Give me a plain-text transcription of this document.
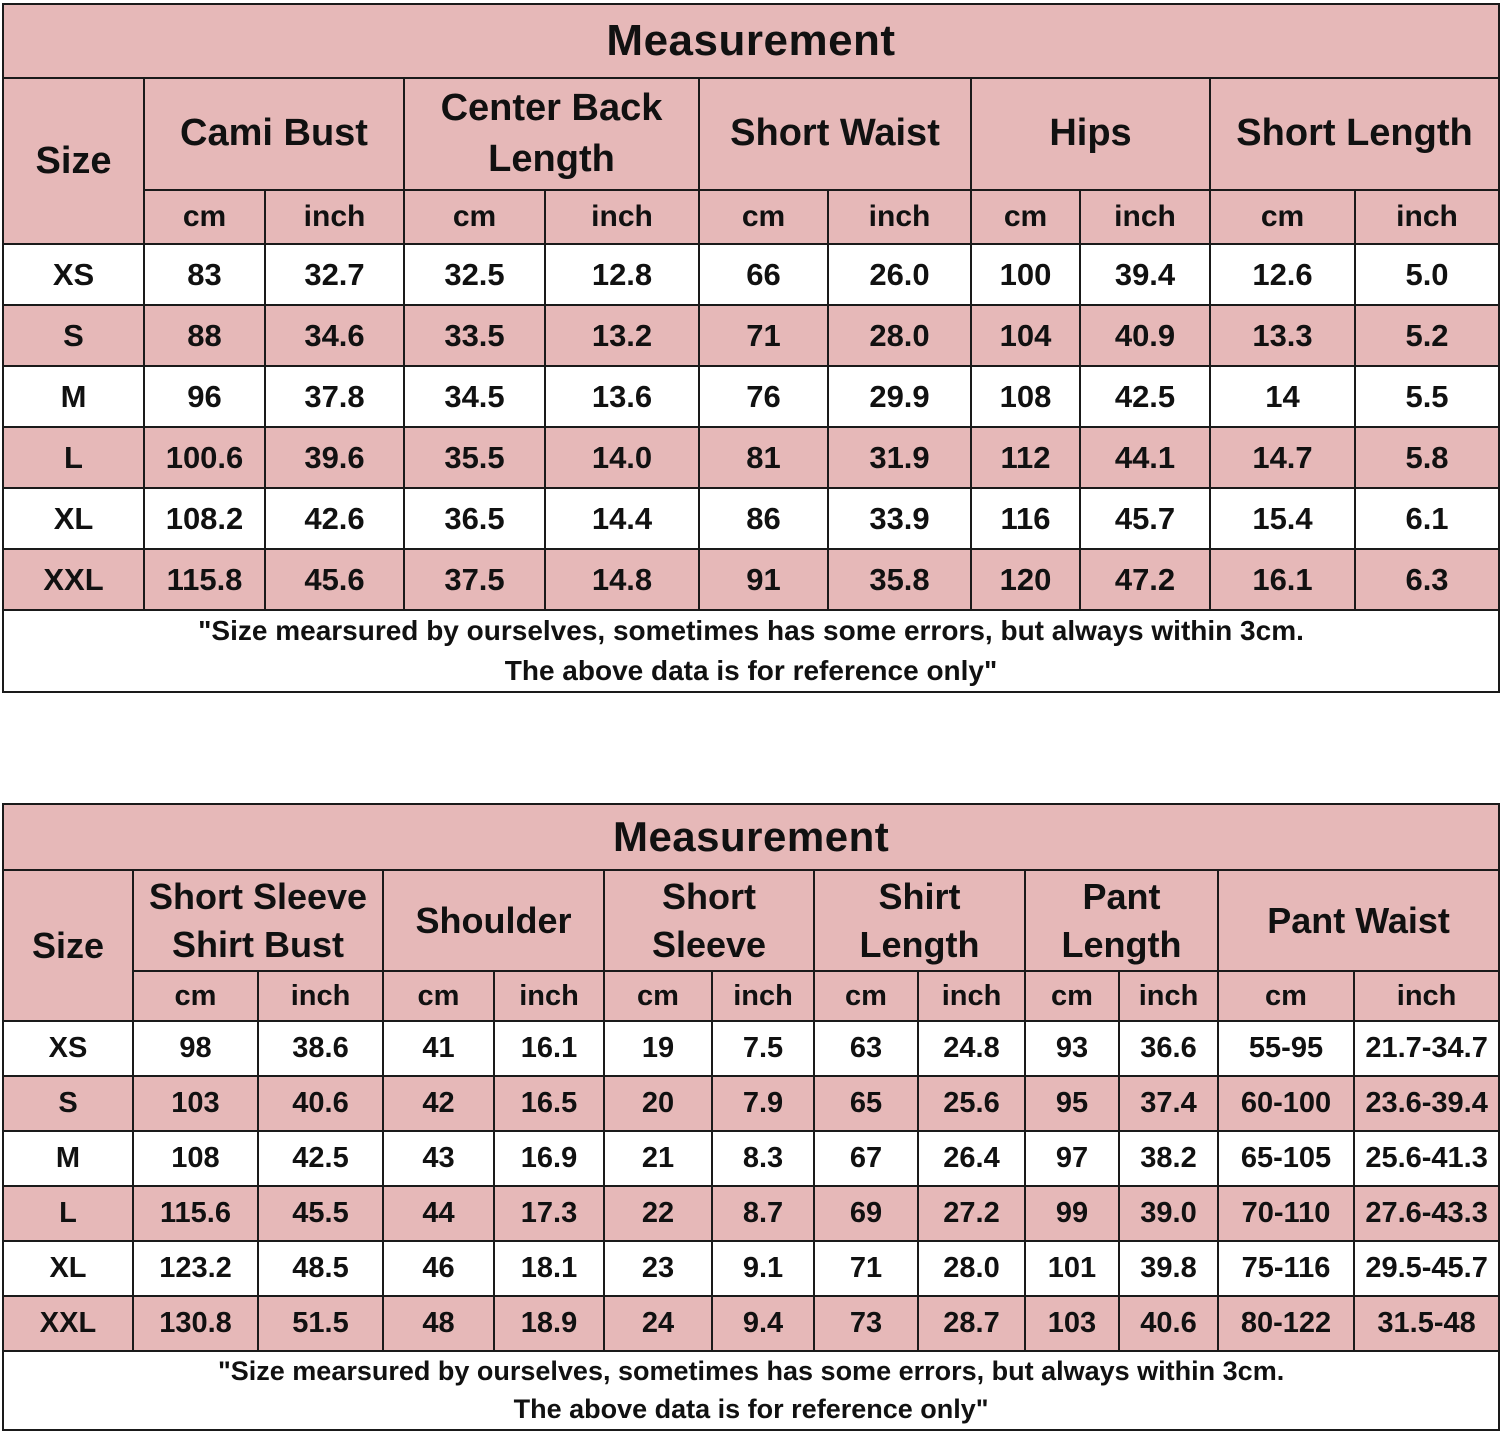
Measurement										
Size	Cami Bust		Center Back Length		Short Waist		Hips		Short Length	
	cm	inch	cm	inch	cm	inch	cm	inch	cm	inch
XS	83	32.7	32.5	12.8	66	26.0	100	39.4	12.6	5.0
S	88	34.6	33.5	13.2	71	28.0	104	40.9	13.3	5.2
M	96	37.8	34.5	13.6	76	29.9	108	42.5	14	5.5
L	100.6	39.6	35.5	14.0	81	31.9	112	44.1	14.7	5.8
XL	108.2	42.6	36.5	14.4	86	33.9	116	45.7	15.4	6.1
XXL	115.8	45.6	37.5	14.8	91	35.8	120	47.2	16.1	6.3

"Size mearsured by ourselves, sometimes has some errors, but always within 3cm.
The above data is for reference only"										
Measurement												
Size	Short Sleeve Shirt Bust		Shoulder		Short Sleeve		Shirt Length		Pant Length		Pant Waist	
	cm	inch	cm	inch	cm	inch	cm	inch	cm	inch	cm	inch
XS	98	38.6	41	16.1	19	7.5	63	24.8	93	36.6	55-95	21.7-34.7
S	103	40.6	42	16.5	20	7.9	65	25.6	95	37.4	60-100	23.6-39.4
M	108	42.5	43	16.9	21	8.3	67	26.4	97	38.2	65-105	25.6-41.3
L	115.6	45.5	44	17.3	22	8.7	69	27.2	99	39.0	70-110	27.6-43.3
XL	123.2	48.5	46	18.1	23	9.1	71	28.0	101	39.8	75-116	29.5-45.7
XXL	130.8	51.5	48	18.9	24	9.4	73	28.7	103	40.6	80-122	31.5-48

"Size mearsured by ourselves, sometimes has some errors, but always within 3cm.
The above data is for reference only"												
